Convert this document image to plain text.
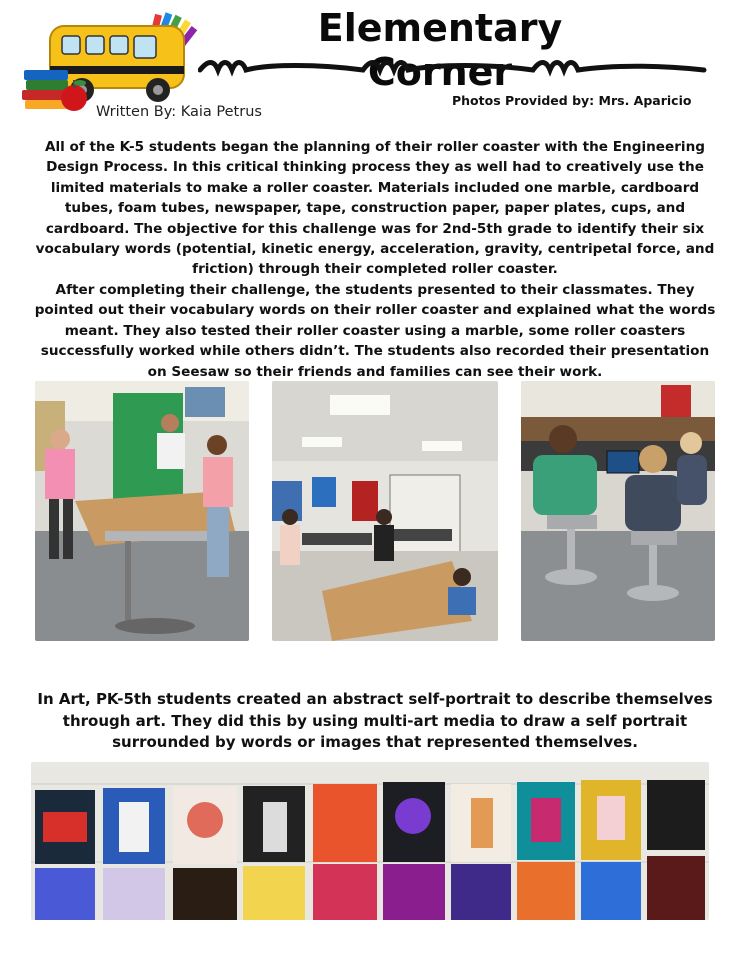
Elementary Corner
Written By: Kaia Petrus
Photos Provided by: Mrs. Aparicio

All of the K-5 students began the planning of their roller coaster with the Engineering Design Process. In this critical thinking process they as well had to creatively use the limited materials to make a roller coaster. Materials included one marble, cardboard tubes, foam tubes, newspaper, tape, construction paper, paper plates, cups, and cardboard. The objective for this challenge was for 2nd-5th grade to identify their six vocabulary words (potential, kinetic energy, acceleration, gravity, centripetal force, and friction) through their completed roller coaster.

After completing their challenge, the students presented to their classmates. They pointed out their vocabulary words on their roller coaster and explained what the words meant. They also tested their roller coaster using a marble, some roller coasters successfully worked while others didn’t. The students also recorded their presentation on Seesaw so their friends and families can see their work.

In Art, PK-5th students created an abstract self-portrait to describe themselves through art. They did this by using multi-art media to draw a self portrait surrounded by words or images that represented themselves.
